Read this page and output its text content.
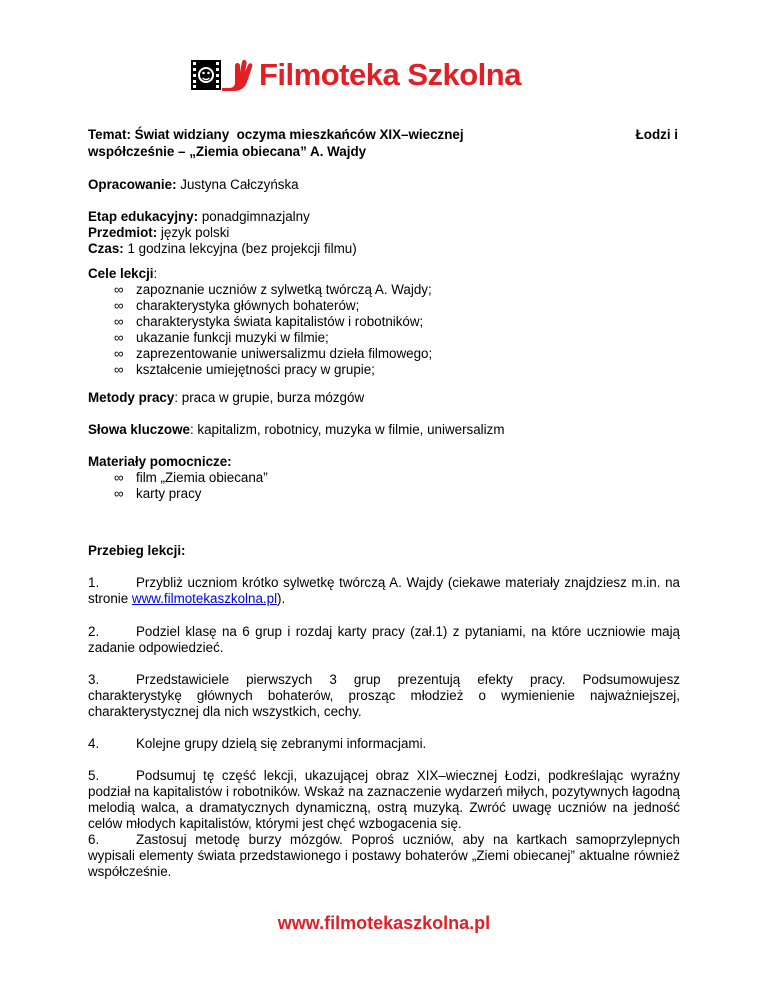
Filmoteka Szkolna
Temat: Świat widziany  oczyma mieszkańców XIX–wiecznej	Łodzi i
współcześnie – „Ziemia obiecana” A. Wajdy
Opracowanie: Justyna Całczyńska
Etap edukacyjny: ponadgimnazjalny
Przedmiot: język polski
Czas: 1 godzina lekcyjna (bez projekcji filmu)
Cele lekcji:
∞ zapoznanie uczniów z sylwetką twórczą A. Wajdy;
∞ charakterystyka głównych bohaterów;
∞ charakterystyka świata kapitalistów i robotników;
∞ ukazanie funkcji muzyki w filmie;
∞ zaprezentowanie uniwersalizmu dzieła filmowego;
∞ kształcenie umiejętności pracy w grupie;
Metody pracy: praca w grupie, burza mózgów
Słowa kluczowe: kapitalizm, robotnicy, muzyka w filmie, uniwersalizm
Materiały pomocnicze:
∞ film „Ziemia obiecana”
∞ karty pracy
Przebieg lekcji:
1.	Przybliż uczniom krótko sylwetkę twórczą A. Wajdy (ciekawe materiały znajdziesz m.in. na stronie www.filmotekaszkolna.pl).
2.	Podziel klasę na 6 grup i rozdaj karty pracy (zał.1) z pytaniami, na które uczniowie mają zadanie odpowiedzieć.
3.	Przedstawiciele pierwszych 3 grup prezentują efekty pracy. Podsumowujesz charakterystykę głównych bohaterów, prosząc młodzież o wymienienie najważniejszej, charakterystycznej dla nich wszystkich, cechy.
4.	Kolejne grupy dzielą się zebranymi informacjami.
5.	Podsumuj tę część lekcji, ukazującej obraz XIX–wiecznej Łodzi, podkreślając wyraźny podział na kapitalistów i robotników. Wskaż na zaznaczenie wydarzeń miłych, pozytywnych łagodną melodią walca, a dramatycznych dynamiczną, ostrą muzyką. Zwróć uwagę uczniów na jedność celów młodych kapitalistów, którymi jest chęć wzbogacenia się.
6.	Zastosuj metodę burzy mózgów. Poproś uczniów, aby na kartkach samoprzylepnych wypisali elementy świata przedstawionego i postawy bohaterów „Ziemi obiecanej” aktualne również współcześnie.
www.filmotekaszkolna.pl
